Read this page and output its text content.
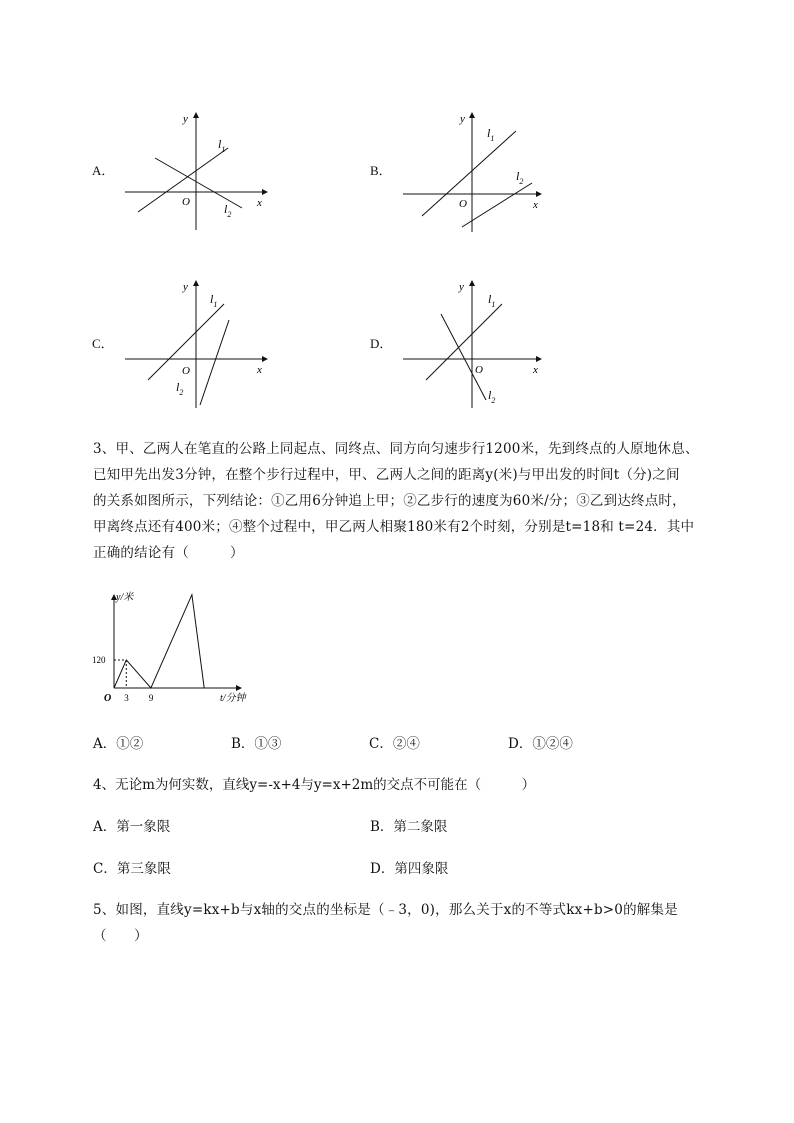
A．
y
x
O
$l_1$
$l_2$
B．
y
x
O
$l_1$
$l_2$
C．
y
x
O
$l_1$
$l_2$
D．
y
x
O
$l_1$
$l_2$
3、甲、乙两人在笔直的公路上同起点、同终点、同方向匀速步行1200米，先到终点的人原地休息、
已知甲先出发3分钟，在整个步行过程中，甲、乙两人之间的距离y(米)与甲出发的时间t（分)之间
的关系如图所示，下列结论：①乙用6分钟追上甲；②乙步行的速度为60米/分；③乙到达终点时，
甲离终点还有400米；④整个过程中，甲乙两人相聚180米有2个时刻，分别是t=18和 t=24．其中
正确的结论有（　　　）
y/米
t/分钟
O
120
3 9
A．①②	B．①③	C．②④	D．①②④
4、无论m为何实数，直线y=-x+4与y=x+2m的交点不可能在（　　　）
A．第一象限	B．第二象限
C．第三象限	D．第四象限
5、如图，直线y=kx+b与x轴的交点的坐标是（﹣3，0)，那么关于x的不等式kx+b>0的解集是
（　　）
